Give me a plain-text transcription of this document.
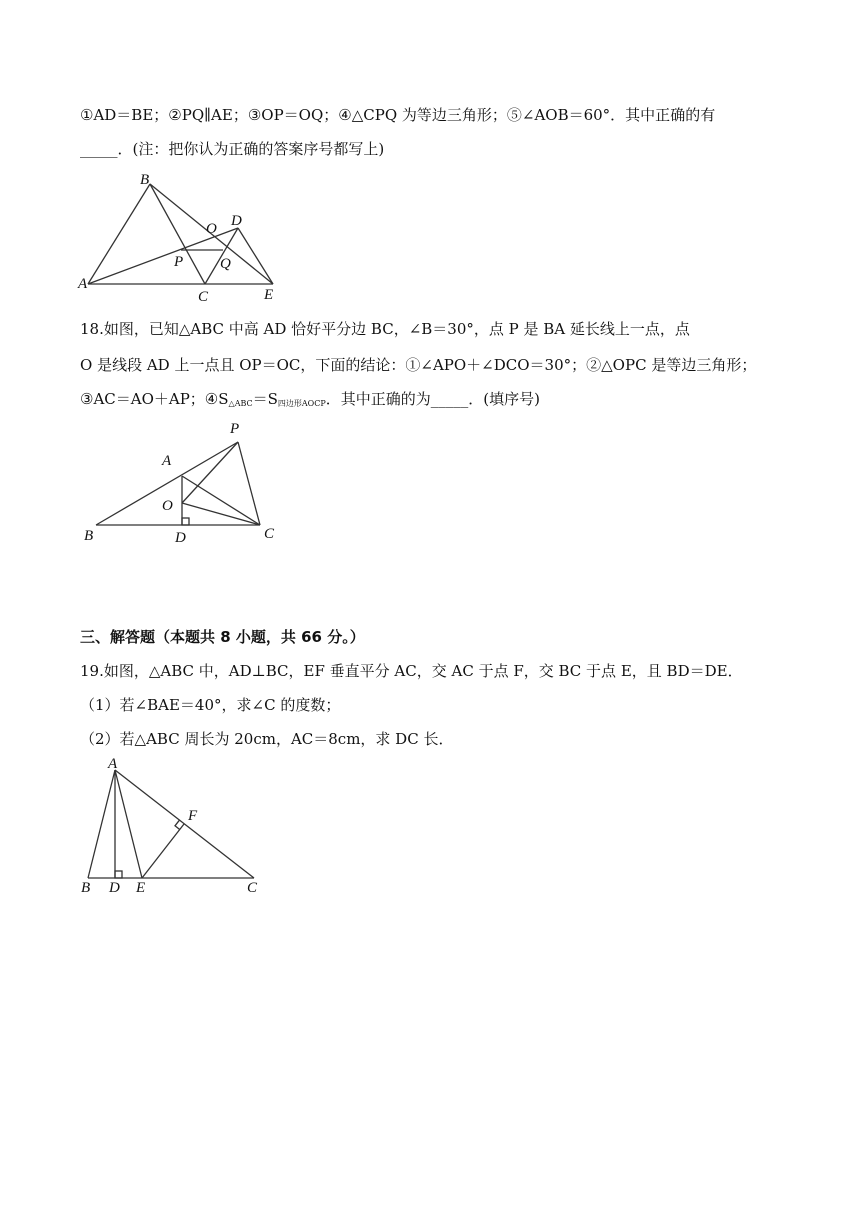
①AD＝BE；②PQ∥AE；③OP＝OQ；④△CPQ 为等边三角形；⑤∠AOB＝60°．其中正确的有
_____．(注：把你认为正确的答案序号都写上)
A
B
C
D
E
O
P Q
18.如图，已知△ABC 中高 AD 恰好平分边 BC，∠B＝30°，点 P 是 BA 延长线上一点，点
O 是线段 AD 上一点且 OP＝OC，下面的结论：①∠APO＋∠DCO＝30°；②△OPC 是等边三角形；
③AC＝AO＋AP；$④S_{\triangle ABC}=S_{四边形AOCP}$．其中正确的为_____．(填序号)
A
B	C
D
O
P
三、解答题（本题共 8 小题，共 66 分。）
19.如图，△ABC 中，AD⊥BC，EF 垂直平分 AC，交 AC 于点 F，交 BC 于点 E，且 BD＝DE．
（1）若∠BAE＝40°，求∠C 的度数；
（2）若△ABC 周长为 20cm，AC＝8cm，求 DC 长．
A
B D E	C
F
